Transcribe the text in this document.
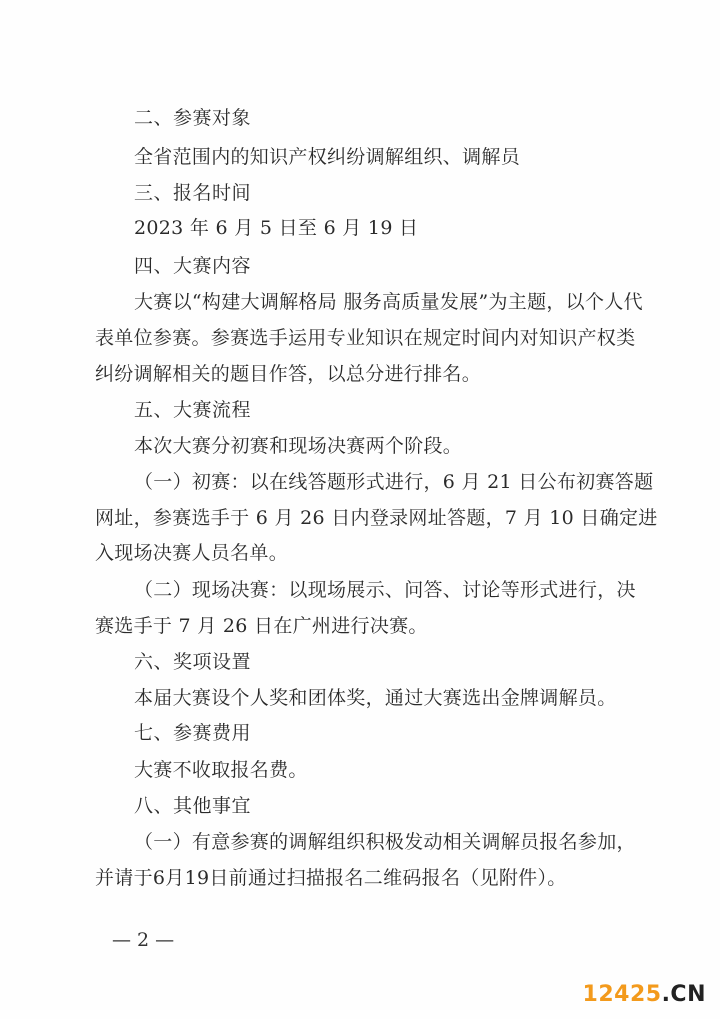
二、参赛对象
全省范围内的知识产权纠纷调解组织、调解员
三、报名时间
2023 年 6 月 5 日至 6 月 19 日
四、大赛内容
大赛以“构建大调解格局 服务高质量发展”为主题，以个人代
表单位参赛。参赛选手运用专业知识在规定时间内对知识产权类
纠纷调解相关的题目作答，以总分进行排名。
五、大赛流程
本次大赛分初赛和现场决赛两个阶段。
（一）初赛：以在线答题形式进行，6 月 21 日公布初赛答题
网址，参赛选手于 6 月 26 日内登录网址答题，7 月 10 日确定进
入现场决赛人员名单。
（二）现场决赛：以现场展示、问答、讨论等形式进行，决
赛选手于 7 月 26 日在广州进行决赛。
六、奖项设置
本届大赛设个人奖和团体奖，通过大赛选出金牌调解员。
七、参赛费用
大赛不收取报名费。
八、其他事宜
（一）有意参赛的调解组织积极发动相关调解员报名参加，
并请于6月19日前通过扫描报名二维码报名（见附件）。
— 2 —
12425.CN
